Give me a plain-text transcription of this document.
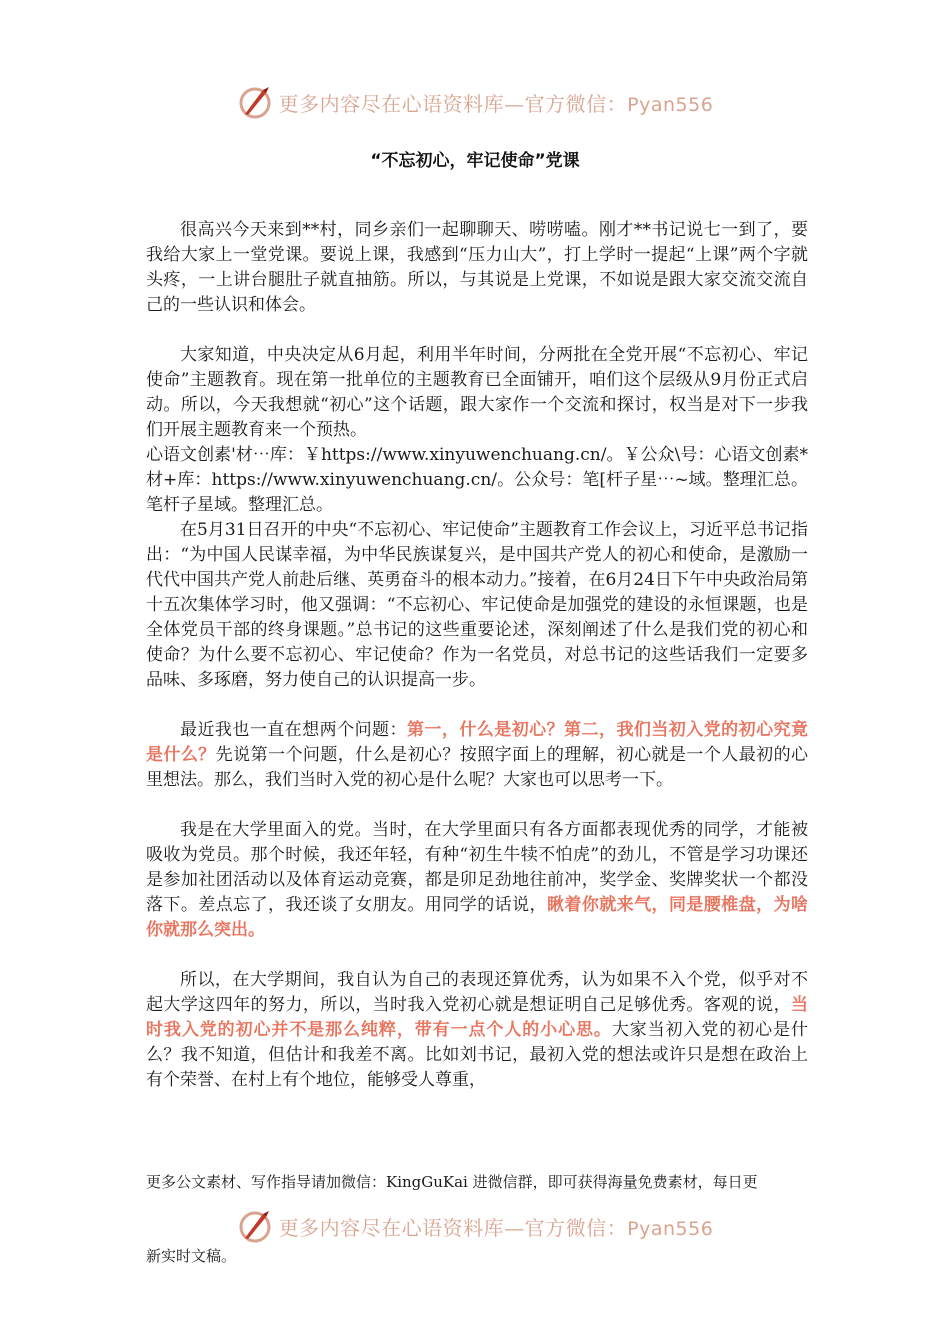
更多内容尽在心语资料库—官方微信：Pyan556
“不忘初心，牢记使命”党课

很高兴今天来到**村，同乡亲们一起聊聊天、唠唠嗑。刚才**书记说七一到了，要我给大家上一堂党课。要说上课，我感到“压力山大”，打上学时一提起“上课”两个字就头疼，一上讲台腿肚子就直抽筋。所以，与其说是上党课，不如说是跟大家交流交流自己的一些认识和体会。

大家知道，中央决定从6月起，利用半年时间，分两批在全党开展“不忘初心、牢记使命”主题教育。现在第一批单位的主题教育已全面铺开，咱们这个层级从9月份正式启动。所以，今天我想就“初心”这个话题，跟大家作一个交流和探讨，权当是对下一步我们开展主题教育来一个预热。

心语文创素'材⋯库：￥https://www.xinyuwenchuang.cn/。￥公众\号：心语文创素*材+库：https://www.xinyuwenchuang.cn/。公众号：笔[杆子星⋯~域。整理汇总。笔杆子星域。整理汇总。

在5月31日召开的中央“不忘初心、牢记使命”主题教育工作会议上，习近平总书记指出：“为中国人民谋幸福，为中华民族谋复兴，是中国共产党人的初心和使命，是激励一代代中国共产党人前赴后继、英勇奋斗的根本动力。”接着，在6月24日下午中央政治局第十五次集体学习时，他又强调：“不忘初心、牢记使命是加强党的建设的永恒课题，也是全体党员干部的终身课题。”总书记的这些重要论述，深刻阐述了什么是我们党的初心和使命？为什么要不忘初心、牢记使命？作为一名党员，对总书记的这些话我们一定要多品味、多琢磨，努力使自己的认识提高一步。

最近我也一直在想两个问题：第一，什么是初心？第二，我们当初入党的初心究竟是什么？先说第一个问题，什么是初心？按照字面上的理解，初心就是一个人最初的心里想法。那么，我们当时入党的初心是什么呢？大家也可以思考一下。

我是在大学里面入的党。当时，在大学里面只有各方面都表现优秀的同学，才能被吸收为党员。那个时候，我还年轻，有种“初生牛犊不怕虎”的劲儿，不管是学习功课还是参加社团活动以及体育运动竞赛，都是卯足劲地往前冲，奖学金、奖牌奖状一个都没落下。差点忘了，我还谈了女朋友。用同学的话说，瞅着你就来气，同是腰椎盘，为啥你就那么突出。

所以，在大学期间，我自认为自己的表现还算优秀，认为如果不入个党，似乎对不起大学这四年的努力，所以，当时我入党初心就是想证明自己足够优秀。客观的说，当时我入党的初心并不是那么纯粹，带有一点个人的小心思。大家当初入党的初心是什么？我不知道，但估计和我差不离。比如刘书记，最初入党的想法或许只是想在政治上有个荣誉、在村上有个地位，能够受人尊重，

更多公文素材、写作指导请加微信：KingGuKai 进微信群，即可获得海量免费素材，每日更
更多内容尽在心语资料库—官方微信：Pyan556
新实时文稿。
